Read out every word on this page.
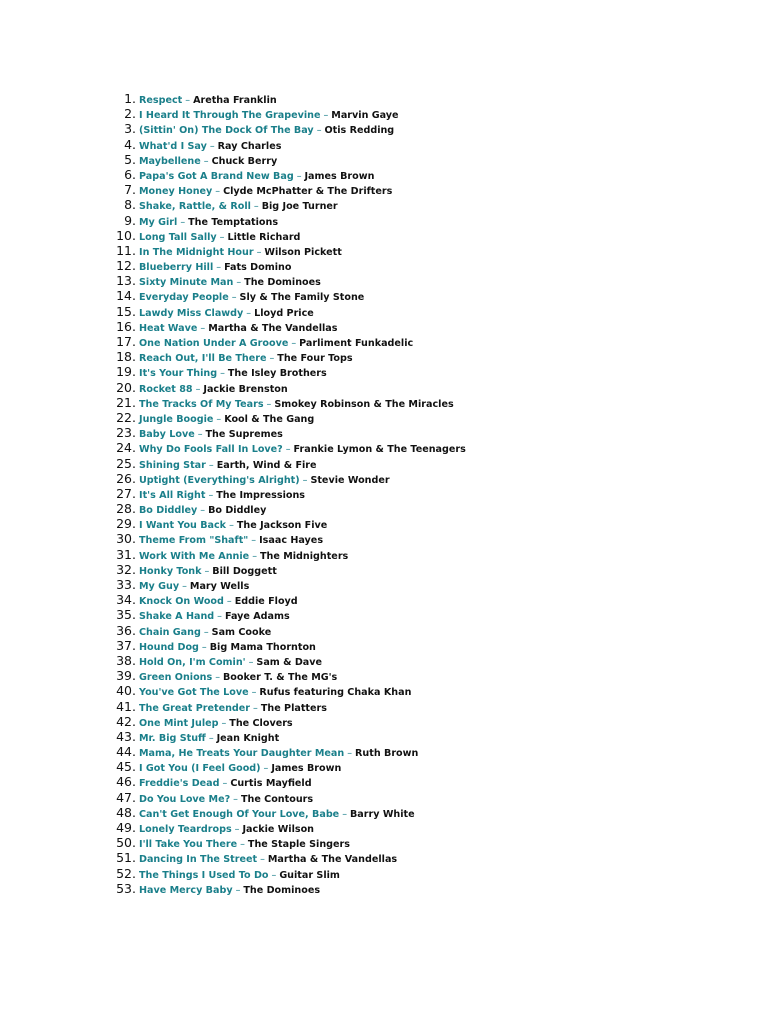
1. Respect – Aretha Franklin
2. I Heard It Through The Grapevine – Marvin Gaye
3. (Sittin' On) The Dock Of The Bay – Otis Redding
4. What'd I Say – Ray Charles
5. Maybellene – Chuck Berry
6. Papa's Got A Brand New Bag – James Brown
7. Money Honey – Clyde McPhatter & The Drifters
8. Shake, Rattle, & Roll – Big Joe Turner
9. My Girl – The Temptations
10. Long Tall Sally – Little Richard
11. In The Midnight Hour – Wilson Pickett
12. Blueberry Hill – Fats Domino
13. Sixty Minute Man – The Dominoes
14. Everyday People – Sly & The Family Stone
15. Lawdy Miss Clawdy – Lloyd Price
16. Heat Wave – Martha & The Vandellas
17. One Nation Under A Groove – Parliment Funkadelic
18. Reach Out, I'll Be There – The Four Tops
19. It's Your Thing – The Isley Brothers
20. Rocket 88 – Jackie Brenston
21. The Tracks Of My Tears – Smokey Robinson & The Miracles
22. Jungle Boogie – Kool & The Gang
23. Baby Love – The Supremes
24. Why Do Fools Fall In Love? – Frankie Lymon & The Teenagers
25. Shining Star – Earth, Wind & Fire
26. Uptight (Everything's Alright) – Stevie Wonder
27. It's All Right – The Impressions
28. Bo Diddley – Bo Diddley
29. I Want You Back – The Jackson Five
30. Theme From "Shaft" – Isaac Hayes
31. Work With Me Annie – The Midnighters
32. Honky Tonk – Bill Doggett
33. My Guy – Mary Wells
34. Knock On Wood – Eddie Floyd
35. Shake A Hand – Faye Adams
36. Chain Gang – Sam Cooke
37. Hound Dog – Big Mama Thornton
38. Hold On, I'm Comin' – Sam & Dave
39. Green Onions – Booker T. & The MG's
40. You've Got The Love – Rufus featuring Chaka Khan
41. The Great Pretender – The Platters
42. One Mint Julep – The Clovers
43. Mr. Big Stuff – Jean Knight
44. Mama, He Treats Your Daughter Mean – Ruth Brown
45. I Got You (I Feel Good) – James Brown
46. Freddie's Dead – Curtis Mayfield
47. Do You Love Me? – The Contours
48. Can't Get Enough Of Your Love, Babe – Barry White
49. Lonely Teardrops – Jackie Wilson
50. I'll Take You There – The Staple Singers
51. Dancing In The Street – Martha & The Vandellas
52. The Things I Used To Do – Guitar Slim
53. Have Mercy Baby – The Dominoes
